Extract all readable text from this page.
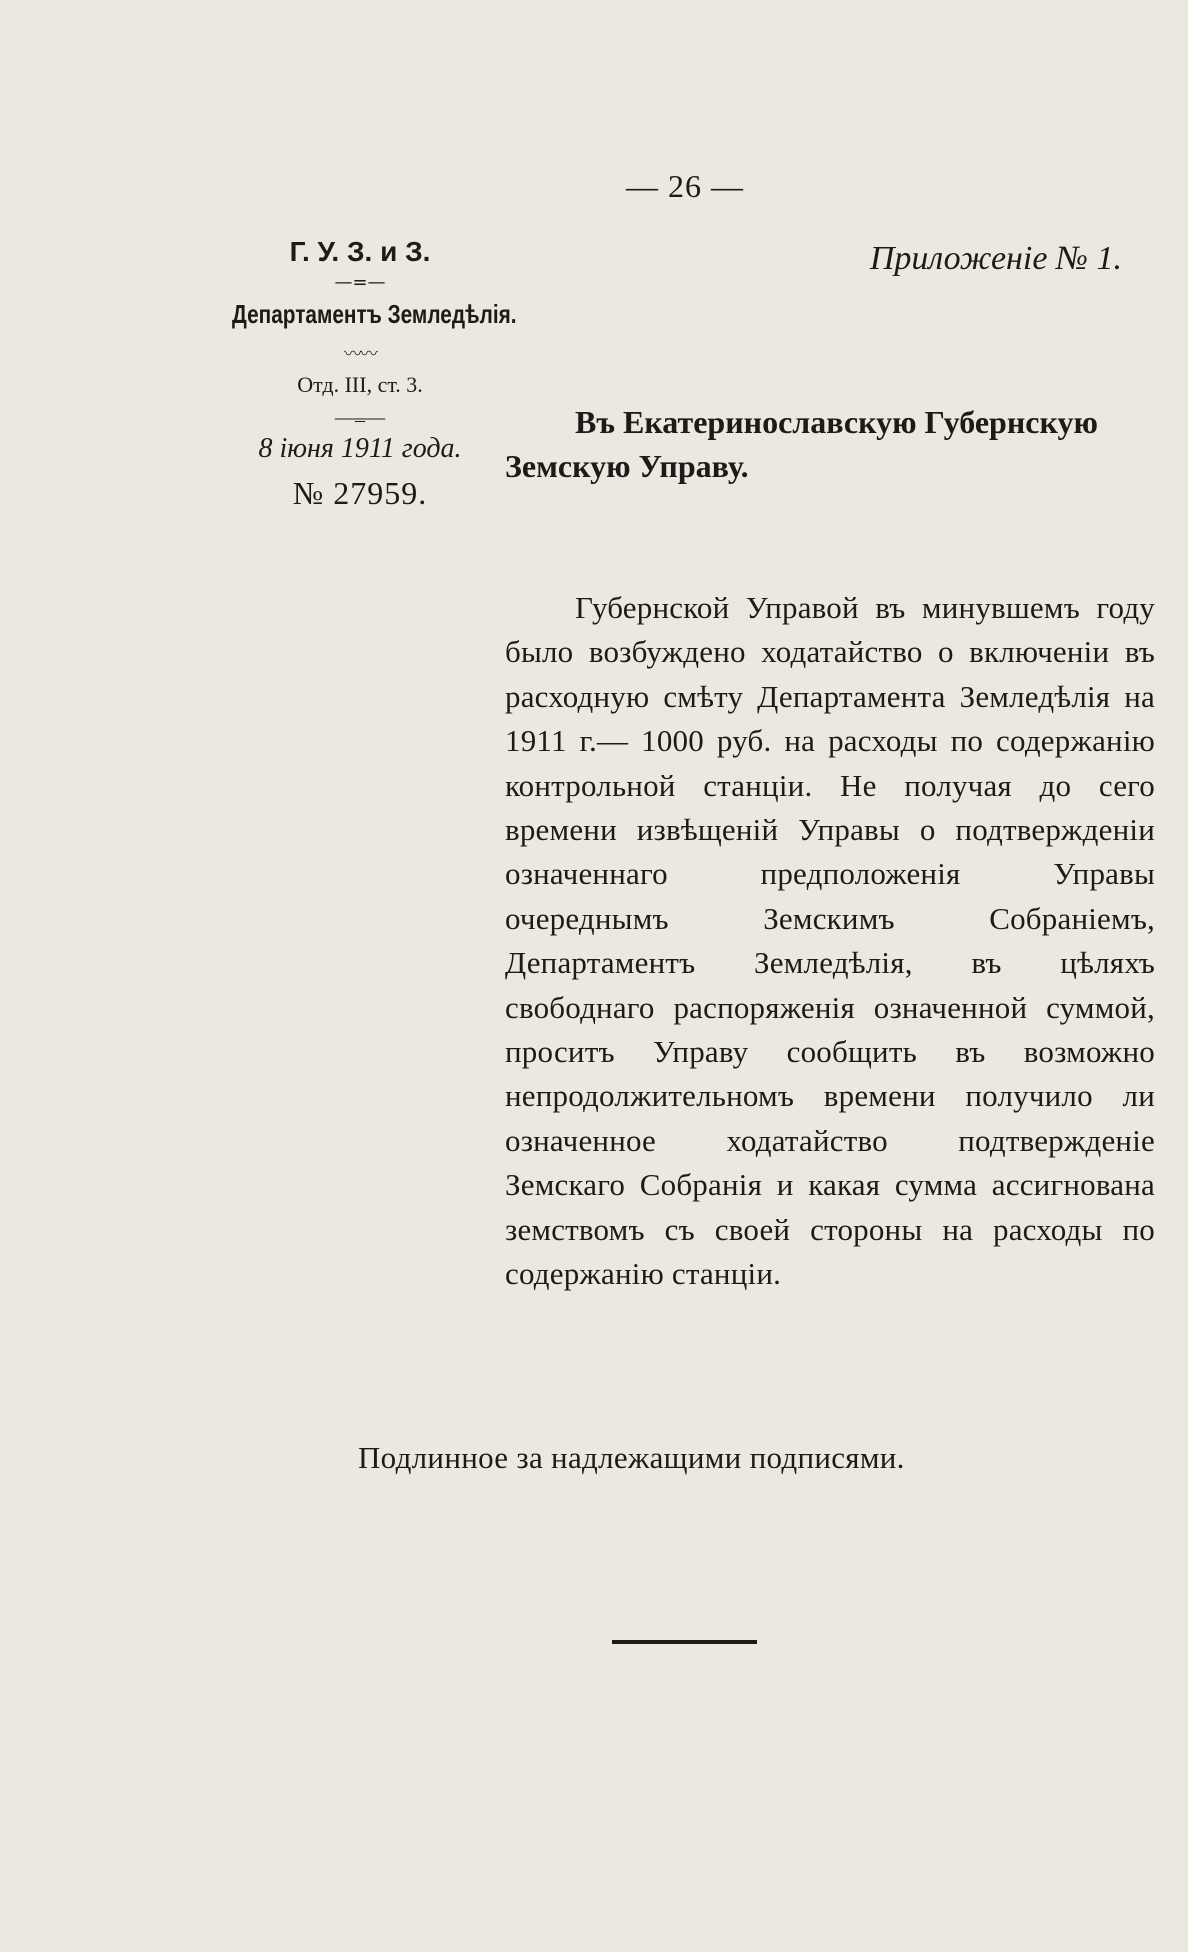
— 26 —
Г. У. З. и З.
—=—
Департаментъ Земледѣлія.
〰〰
Отд. III, ст. 3.
__‗__
8 іюня 1911 года.
№ 27959.
Приложеніе № 1.
Въ Екатеринославскую Губернскую
Земскую Управу.

Губернской Управой въ минувшемъ году было возбуждено ходатайство о включеніи въ расходную смѣту Департамента Земледѣлія на 1911 г.— 1000 руб. на расходы по содержанію контрольной станціи. Не получая до сего времени извѣщеній Управы о подтвержденіи означеннаго предположенія Управы очереднымъ Земскимъ Собраніемъ, Департаментъ Земледѣлія, въ цѣляхъ свободнаго распоряженія означенной суммой, проситъ Управу сообщить въ возможно непродолжительномъ времени получило ли означенное ходатайство подтвержденіе Земскаго Собранія и какая сумма ассигнована земствомъ съ своей стороны на расходы по содержанію станціи.

Подлинное за надлежащими подписями.
